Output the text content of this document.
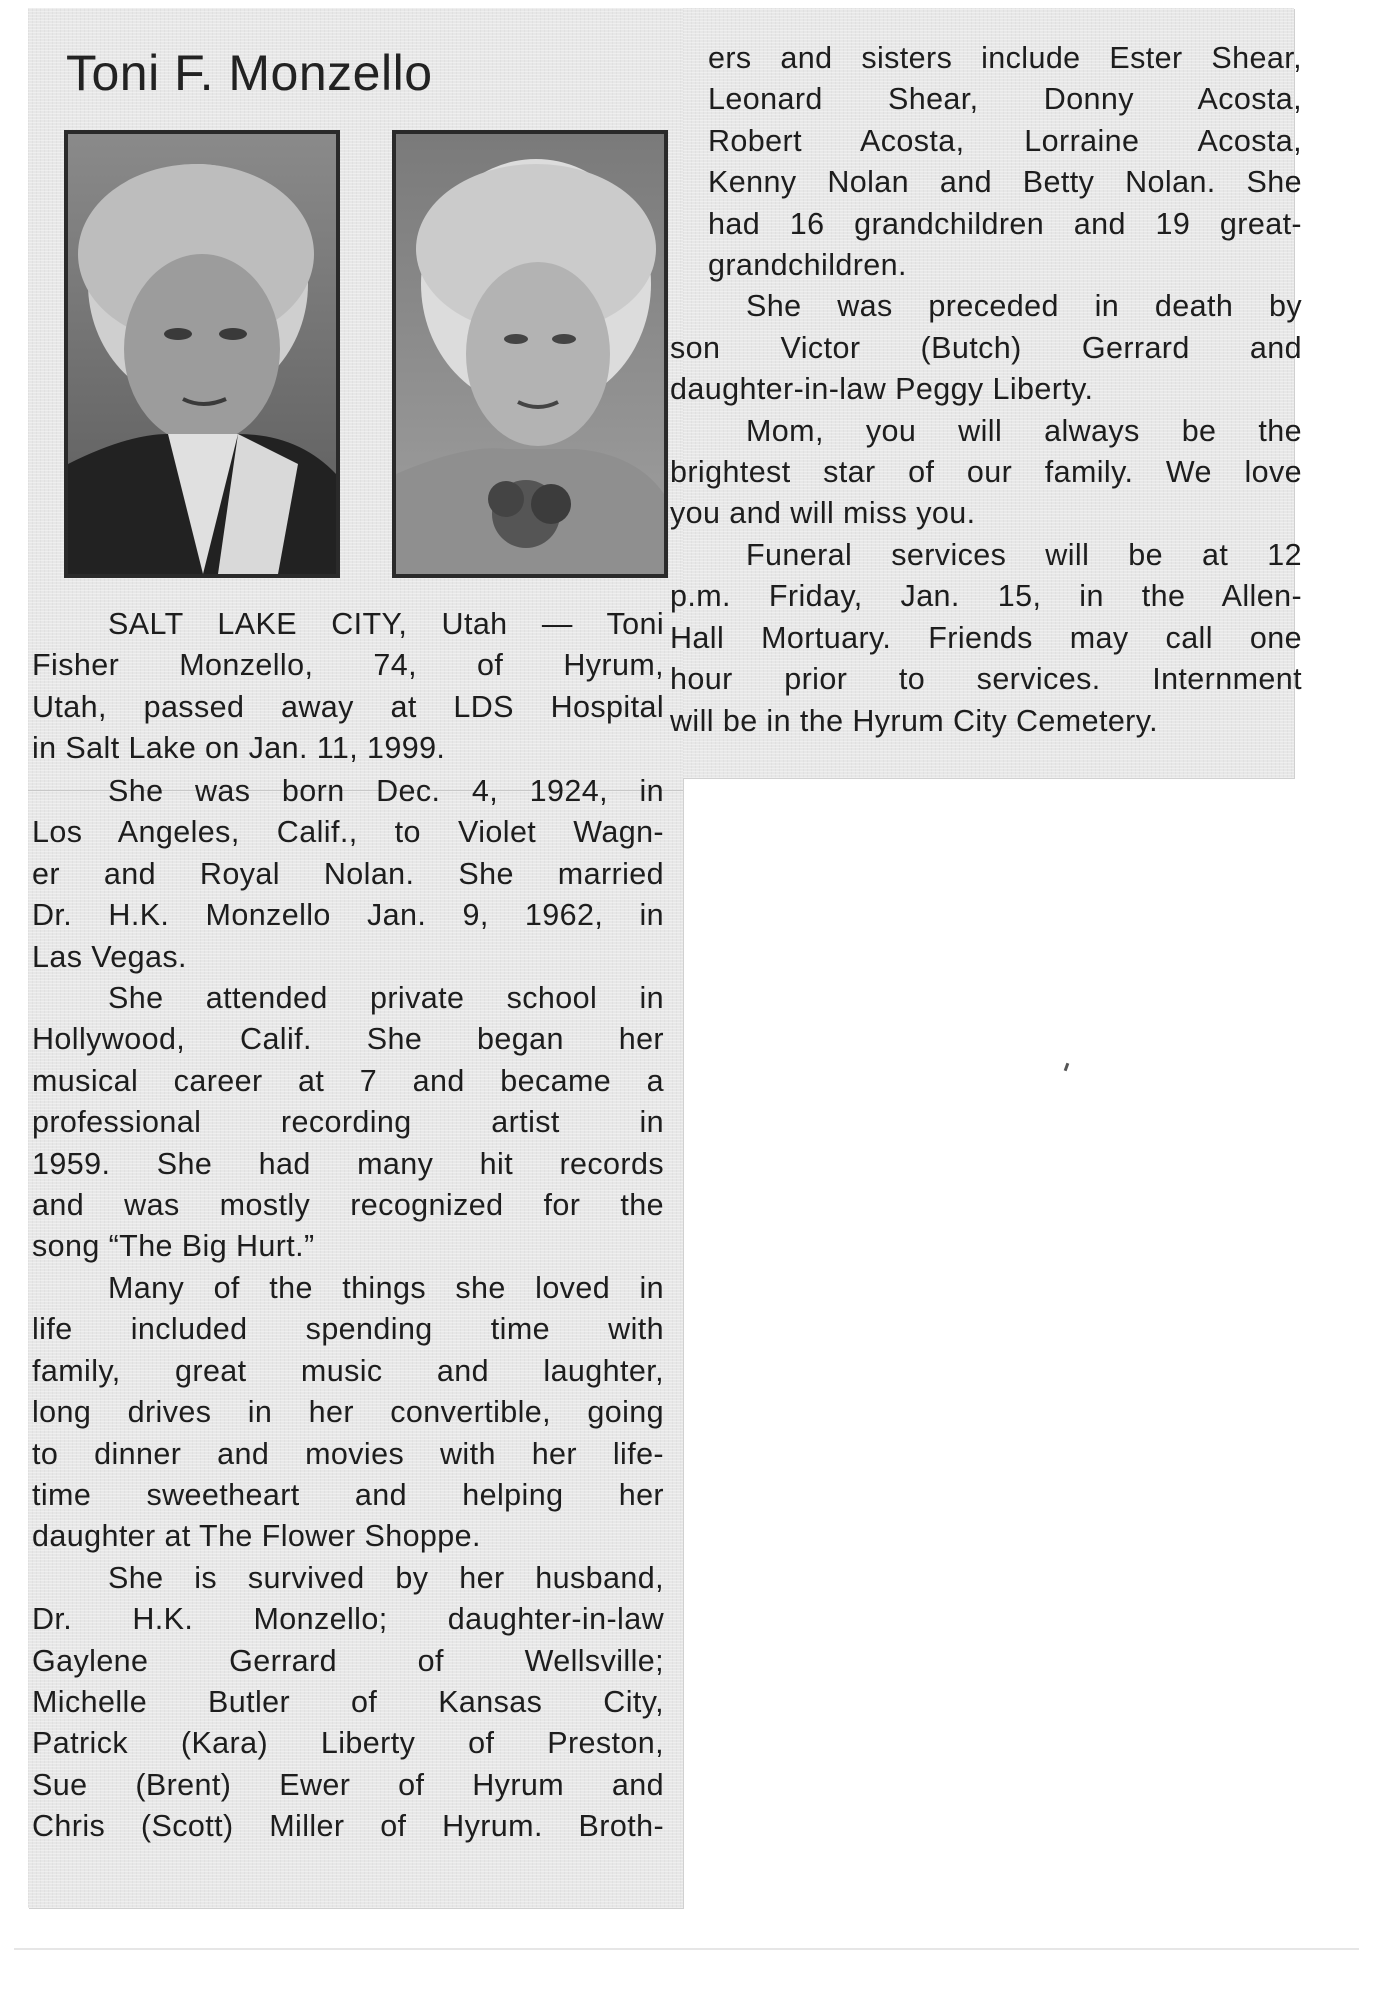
Toni F. Monzello

SALT LAKE CITY, Utah — Toni
Fisher Monzello, 74, of Hyrum,
Utah, passed away at LDS Hospital
in Salt Lake on Jan. 11, 1999.

She was born Dec. 4, 1924, in
Los Angeles, Calif., to Violet Wagn-
er and Royal Nolan. She married
Dr. H.K. Monzello Jan. 9, 1962, in
Las Vegas.

She attended private school in
Hollywood, Calif. She began her
musical career at 7 and became a
professional recording artist in
1959. She had many hit records
and was mostly recognized for the
song “The Big Hurt.”

Many of the things she loved in
life included spending time with
family, great music and laughter,
long drives in her convertible, going
to dinner and movies with her life-
time sweetheart and helping her
daughter at The Flower Shoppe.

She is survived by her husband,
Dr. H.K. Monzello; daughter-in-law
Gaylene Gerrard of Wellsville;
Michelle Butler of Kansas City,
Patrick (Kara) Liberty of Preston,
Sue (Brent) Ewer of Hyrum and
Chris (Scott) Miller of Hyrum. Broth-

ers and sisters include Ester Shear,
Leonard Shear, Donny Acosta,
Robert Acosta, Lorraine Acosta,
Kenny Nolan and Betty Nolan. She
had 16 grandchildren and 19 great-
grandchildren.

She was preceded in death by
son Victor (Butch) Gerrard and
daughter-in-law Peggy Liberty.

Mom, you will always be the
brightest star of our family. We love
you and will miss you.

Funeral services will be at 12
p.m. Friday, Jan. 15, in the Allen-
Hall Mortuary. Friends may call one
hour prior to services. Internment
will be in the Hyrum City Cemetery.
